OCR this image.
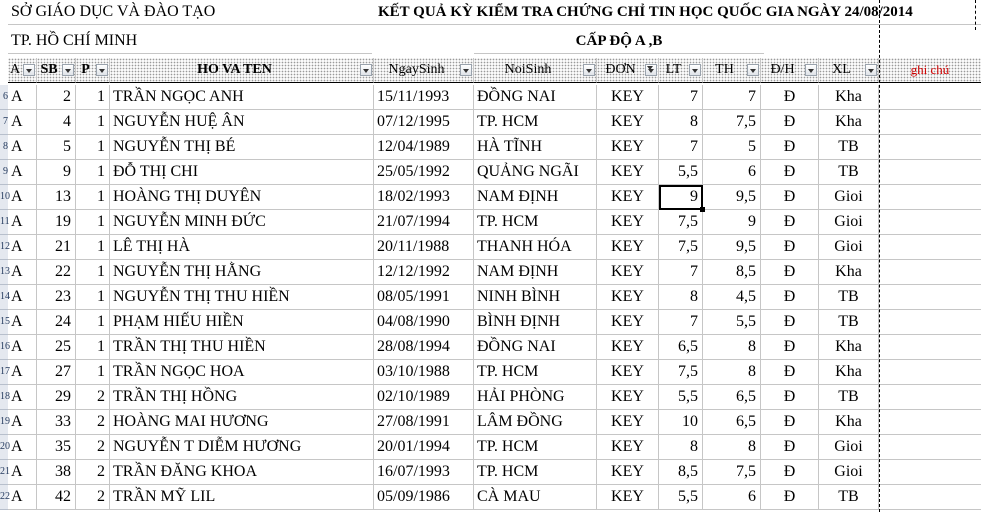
SỞ GIÁO DỤC VÀ ĐÀO TẠO	KẾT QUẢ KỲ KIỂM TRA CHỨNG CHỈ TIN HỌC QUỐC GIA NGÀY 24/08/2014
TP. HỒ CHÍ MINH	CẤP ĐỘ A ,B
A SB	P	HO VA TEN	NgaySinh	NoiSinh	ĐƠN	LT	TH	Đ/H	XL	ghi chú
6 A	2	1 TRẦN NGỌC ANH	15/11/1993	ĐỒNG NAI	KEY	7	7	Đ	Kha
7 A	4	1 NGUYỄN HUỆ ÂN	07/12/1995	TP. HCM	KEY	8	7,5	Đ	Kha
8 A	5	1 NGUYỄN THỊ BÉ	12/04/1989	HÀ TĨNH	KEY	7	5	Đ	TB
9 A	9	1 ĐỖ THỊ CHI	25/05/1992	QUẢNG NGÃI	KEY	5,5	6	Đ	TB
10 A	13	1 HOÀNG THỊ DUYÊN	18/02/1993	NAM ĐỊNH	KEY	9	9,5	Đ	Gioi
11 A	19	1 NGUYỄN MINH ĐỨC	21/07/1994	TP. HCM	KEY	7,5	9	Đ	Gioi
12 A	21	1 LÊ THỊ HÀ	20/11/1988	THANH HÓA	KEY	7,5	9,5	Đ	Gioi
13 A	22	1 NGUYỄN THỊ HẰNG	12/12/1992	NAM ĐỊNH	KEY	7	8,5	Đ	Kha
14 A	23	1 NGUYỄN THỊ THU HIỀN	08/05/1991	NINH BÌNH	KEY	8	4,5	Đ	TB
15 A	24	1 PHẠM HIẾU HIỀN	04/08/1990	BÌNH ĐỊNH	KEY	7	5,5	Đ	TB
16 A	25	1 TRẦN THỊ THU HIỀN	28/08/1994	ĐỒNG NAI	KEY	6,5	8	Đ	Kha
17 A	27	1 TRẦN NGỌC HOA	03/10/1988	TP. HCM	KEY	7,5	8	Đ	Kha
18 A	29	2 TRẦN THỊ HỒNG	02/10/1989	HẢI PHÒNG	KEY	5,5	6,5	Đ	TB
19 A	33	2 HOÀNG MAI HƯƠNG	27/08/1991	LÂM ĐỒNG	KEY	10	6,5	Đ	Kha
20 A	35	2 NGUYỄN T DIỄM HƯƠNG	20/01/1994	TP. HCM	KEY	8	8	Đ	Gioi
21 A	38	2 TRẦN ĐĂNG KHOA	16/07/1993	TP. HCM	KEY	8,5	7,5	Đ	Gioi
22 A	42	2 TRẦN MỸ LIL	05/09/1986	CÀ MAU	KEY	5,5	6	Đ	TB
